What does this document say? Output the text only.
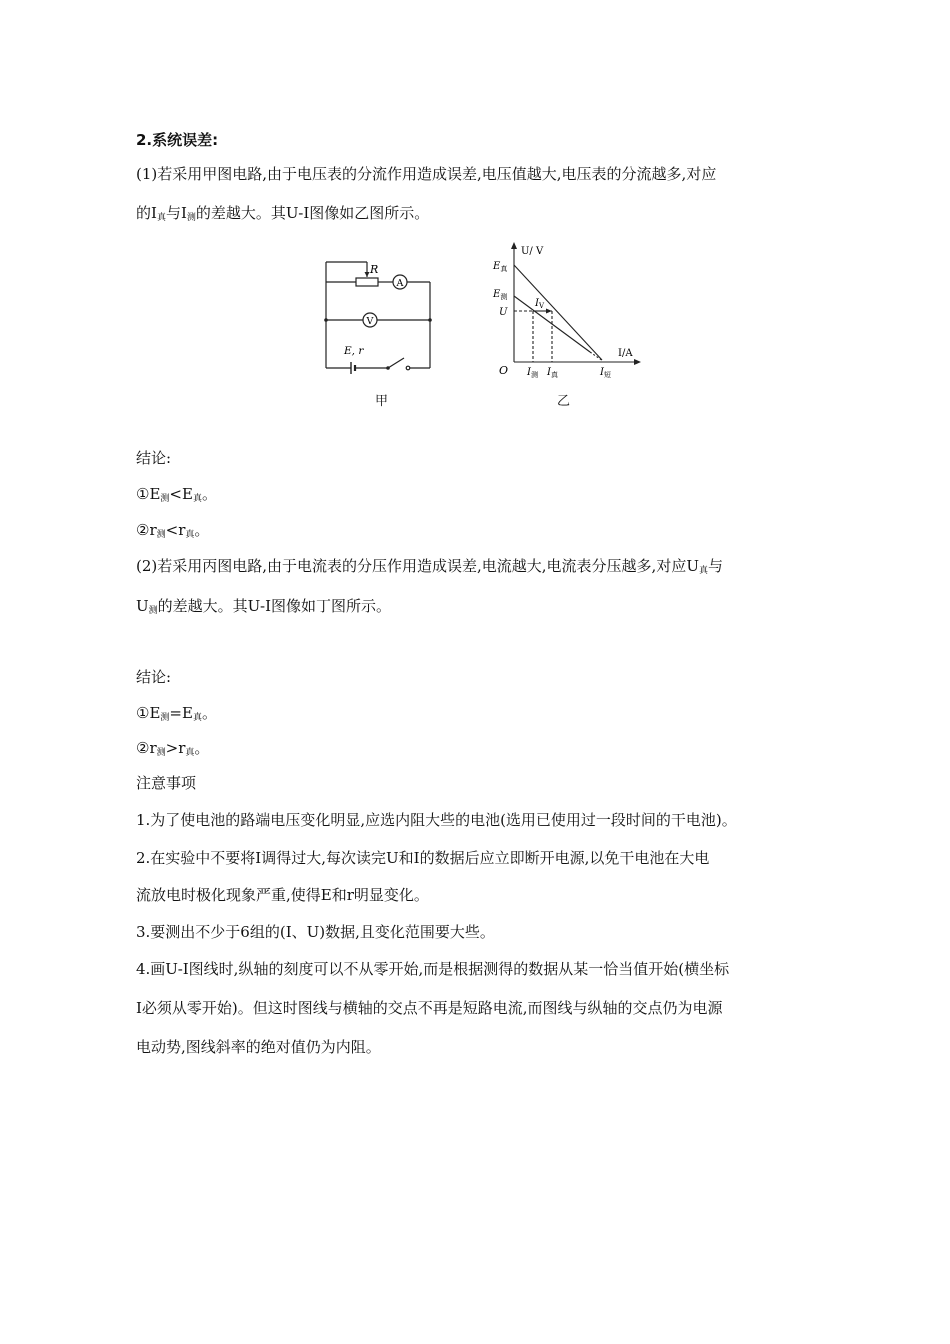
2.系统误差:
(1)若采用甲图电路,由于电压表的分流作用造成误差,电压值越大,电压表的分流越多,对应
的$Ⅰ_真$与$Ⅰ_测$的差越大。其U-I图像如乙图所示。
R
A
V
E, r
甲
U/ V
I/A
O
$E_真$
$E_测$
U
$I_V$
$I_测$ $I_真$	$I_短$
乙
结论:
$①E_测<E_真$。
$②r_测<r_真$。
(2)若采用丙图电路,由于电流表的分压作用造成误差,电流越大,电流表分压越多,对应$U_真$与
$U_测$的差越大。其U-I图像如丁图所示。
结论:
$①E_测=E_真$。
$②r_测>r_真$。
注意事项
1.为了使电池的路端电压变化明显,应选内阻大些的电池(选用已使用过一段时间的干电池)。
2.在实验中不要将I调得过大,每次读完U和I的数据后应立即断开电源,以免干电池在大电
流放电时极化现象严重,使得E和r明显变化。
3.要测出不少于6组的(I、U)数据,且变化范围要大些。
4.画U-I图线时,纵轴的刻度可以不从零开始,而是根据测得的数据从某一恰当值开始(横坐标
I必须从零开始)。但这时图线与横轴的交点不再是短路电流,而图线与纵轴的交点仍为电源
电动势,图线斜率的绝对值仍为内阻。
